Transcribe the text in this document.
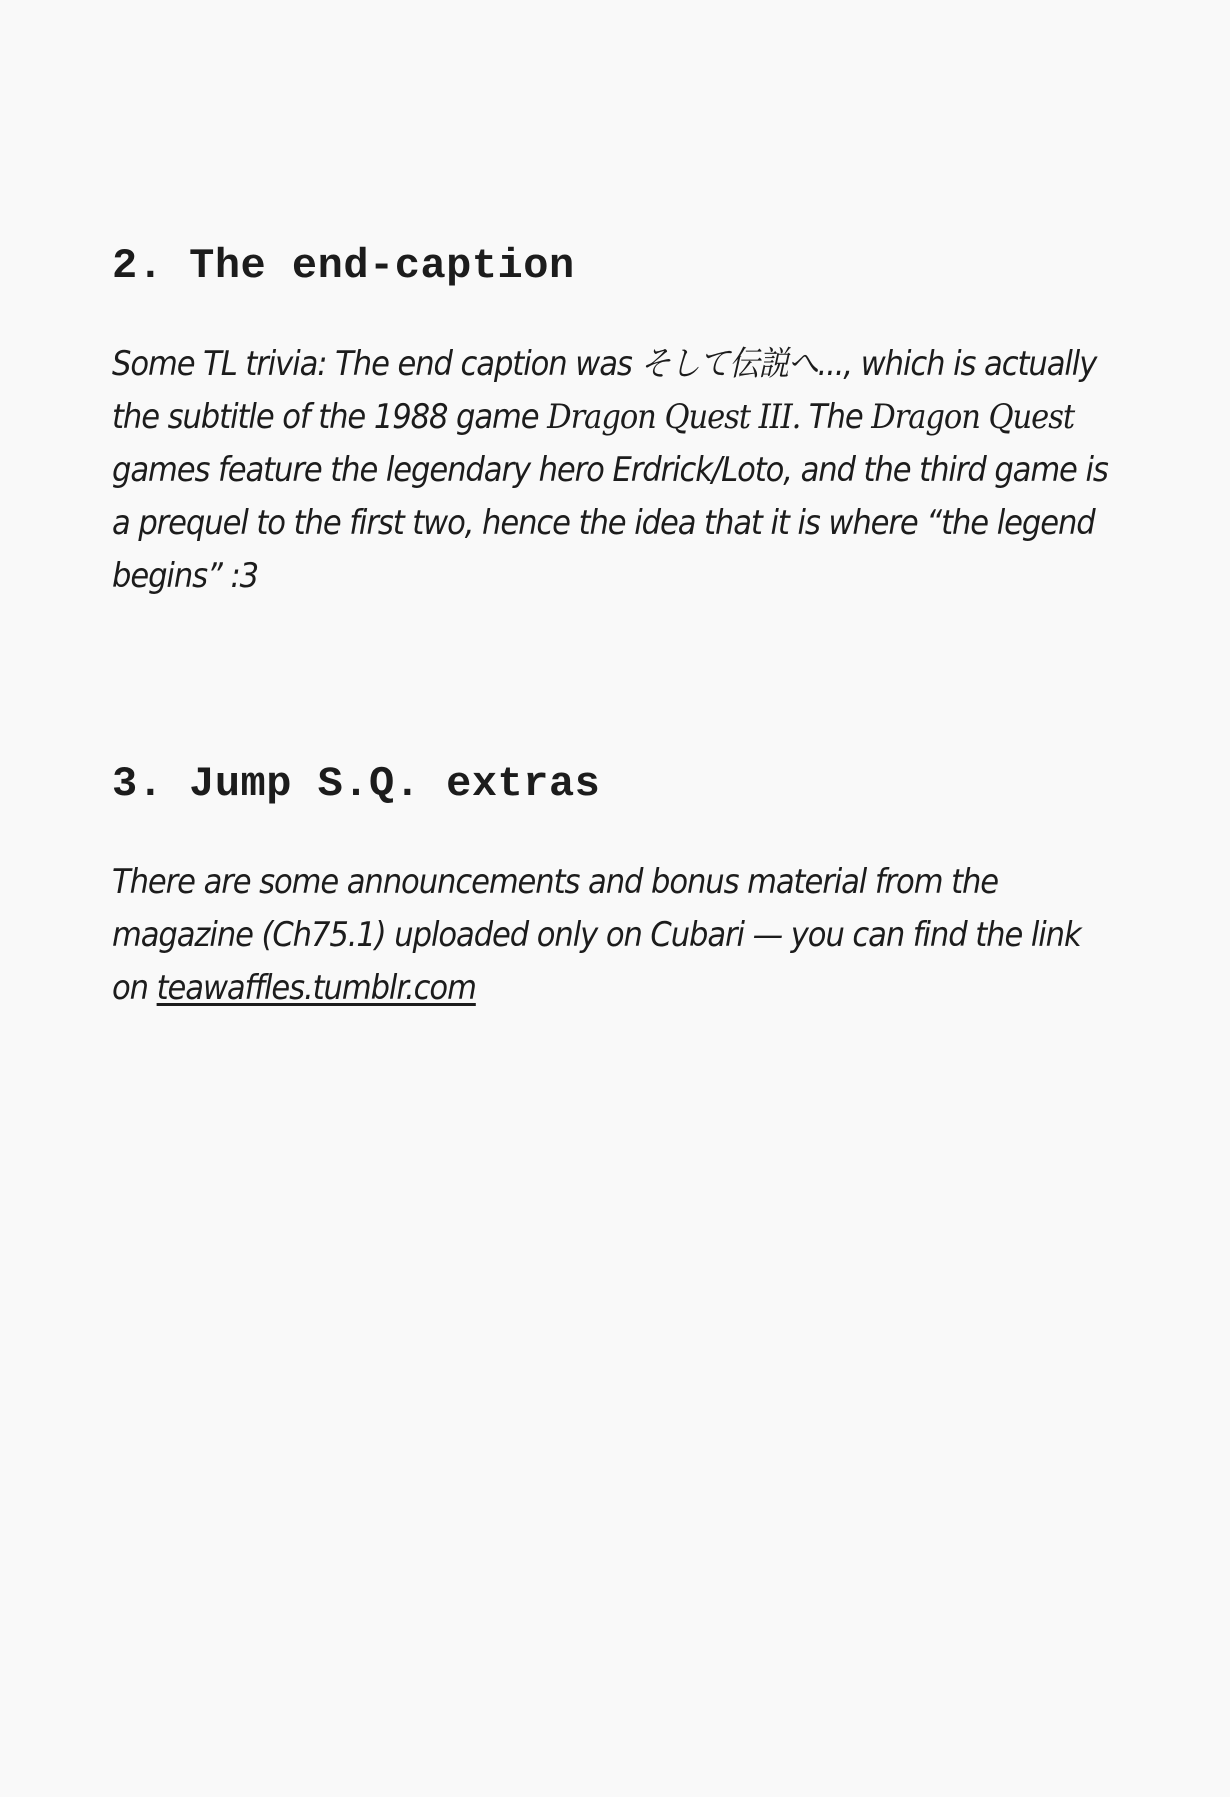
2. The end-caption

Some TL trivia: The end caption was そして伝説へ..., which is actually the subtitle of the 1988 game Dragon Quest III. The Dragon Quest games feature the legendary hero Erdrick/Loto, and the third game is a prequel to the first two, hence the idea that it is where “the legend begins” :3

3. Jump S.Q. extras

There are some announcements and bonus material from the magazine (Ch75.1) uploaded only on Cubari — you can find the link on teawaffles.tumblr.com
